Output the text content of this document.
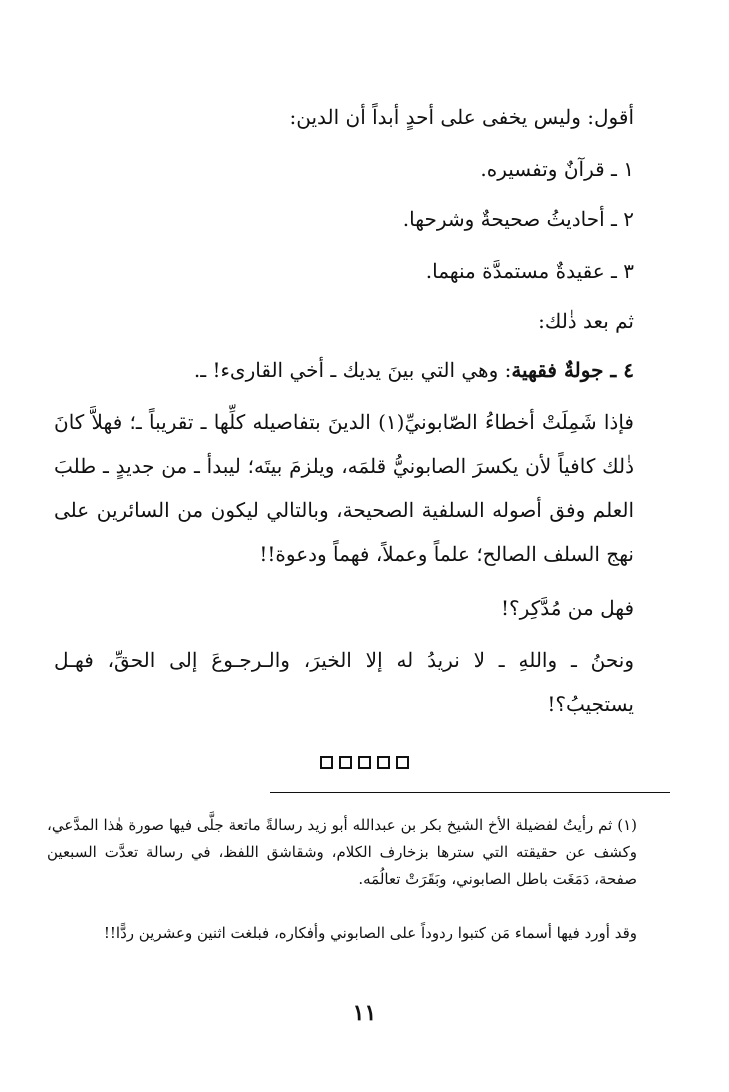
أقول: وليس يخفى على أحدٍ أبداً أن الدين:
١ ـ قرآنٌ وتفسيره.
٢ ـ أحاديثُ صحيحةٌ وشرحها.
٣ ـ عقيدةٌ مستمدَّة منهما.
ثم بعد ذٰلك:
٤ ـ جولةٌ فقهية: وهي التي بينَ يديك ـ أخي القارىء! ـ.
فإذا شَمِلَتْ أخطاءُ الصّابونيِّ(١) الدينَ بتفاصيله كلِّها ـ تقريباً ـ؛ فهلاَّ كانَ ذٰلك كافياً لأن يكسرَ الصابونيُّ قلمَه، ويلزمَ بيتَه؛ ليبدأ ـ من جديدٍ ـ طلبَ العلم وفق أصوله السلفية الصحيحة، وبالتالي ليكون من السائرين على نهج السلف الصالح؛ علماً وعملاً، فهماً ودعوة!!
فهل من مُدَّكِر؟!
ونحنُ ـ واللهِ ـ لا نريدُ له إلا الخيرَ، والـرجـوعَ إلى الحقِّ، فهـل يستجيبُ؟!
(١) ثم رأيتُ لفضيلة الأخ الشيخ بكر بن عبدالله أبو زيد رسالةً ماتعة جلَّى فيها صورة هٰذا المدَّعي، وكشف عن حقيقته التي سترها بزخارف الكلام، وشقاشق اللفظ، في رسالة تعدَّت السبعين صفحة، دَمَغَت باطل الصابوني، وبَقَرَتْ تعالُمَه.
وقد أورد فيها أسماء مَن كتبوا ردوداً على الصابوني وأفكاره، فبلغت اثنين وعشرين ردًّا!!
١١
